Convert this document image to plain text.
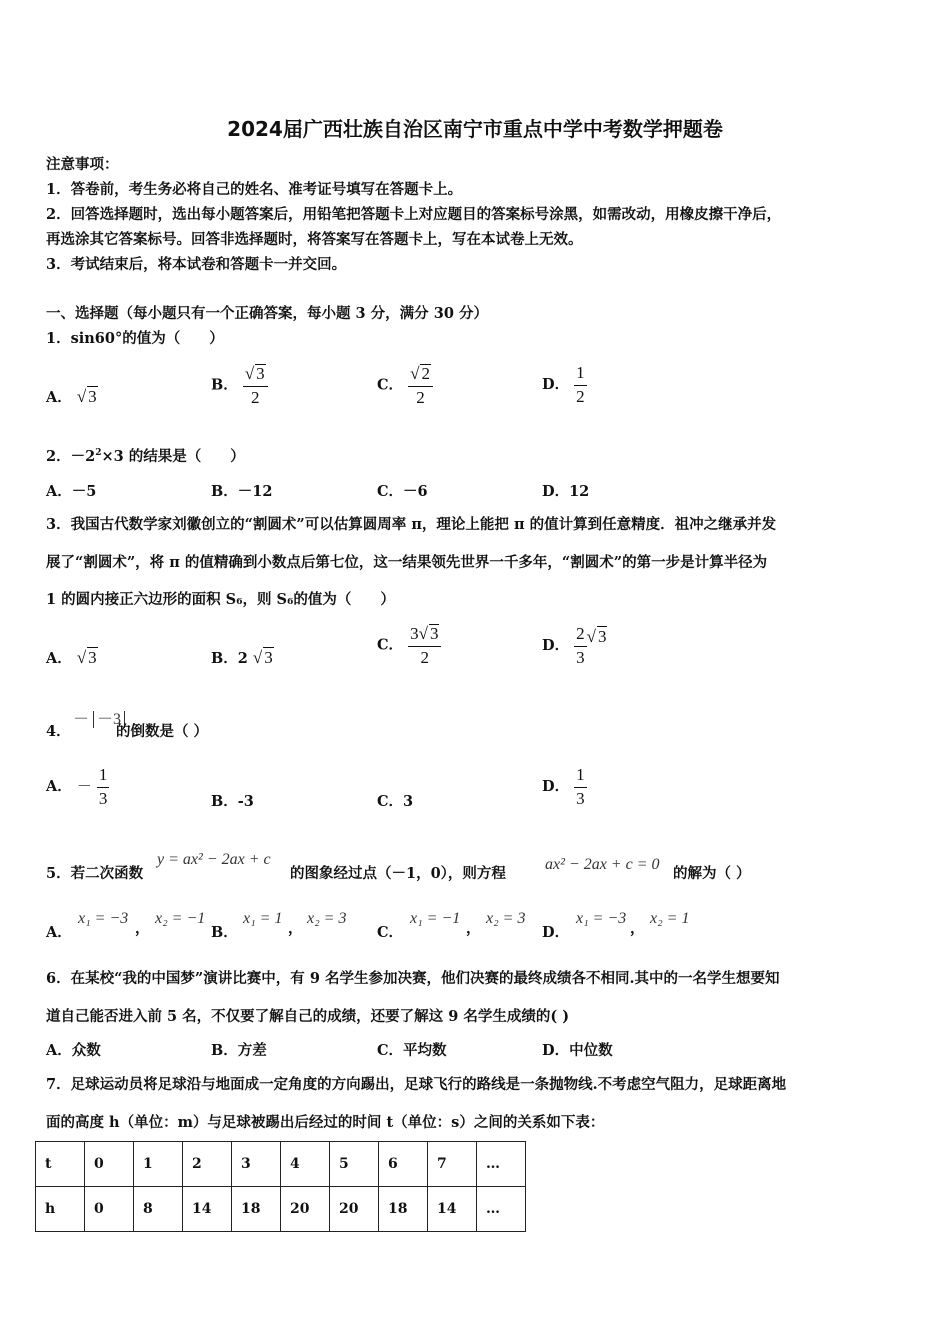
2024届广西壮族自治区南宁市重点中学中考数学押题卷
注意事项：
1．答卷前，考生务必将自己的姓名、准考证号填写在答题卡上。
2．回答选择题时，选出每小题答案后，用铅笔把答题卡上对应题目的答案标号涂黑，如需改动，用橡皮擦干净后，
再选涂其它答案标号。回答非选择题时，将答案写在答题卡上，写在本试卷上无效。
3．考试结束后，将本试卷和答题卡一并交回。
一、选择题（每小题只有一个正确答案，每小题 3 分，满分 30 分）
1．sin60°的值为（　　）
A． √ 3
B． $\frac{√ 3}{2}$	C． $\frac{√ 2}{2}$	D． $\frac{1}{2}$
2．$-2^2\times 3$ 的结果是（　　）
A．－5	B．－12	C．－6	D．12
3．我国古代数学家刘徽创立的“割圆术”可以估算圆周率 π，理论上能把 π 的值计算到任意精度．祖冲之继承并发
展了“割圆术”，将 π 的值精确到小数点后第七位，这一结果领先世界一千多年，“割圆术”的第一步是计算半径为
1 的圆内接正六边形的面积 S₆，则 S₆的值为（　　）
A． √ 3	B．2 √ 3
C． $\frac{3√ 3}{2}$	D． $\frac{2}{3}$ √ 3
4．
－ －3
的倒数是（ ）
A． － $\frac{1}{3}$	B．-3	C．3
D． $\frac{1}{3}$
5．若二次函数
y = ax² − 2ax + c
的图象经过点（－1，0），则方程
ax² − 2ax + c = 0
的解为（ ）
A．
x₁ = −3
，
x₂ = −1
B．
x₁ = 1
，
x₂ = 3
C．
x₁ = −1
，
x₂ = 3
D．
x₁ = −3
，
x₂ = 1
6．在某校“我的中国梦”演讲比赛中，有 9 名学生参加决赛，他们决赛的最终成绩各不相同.其中的一名学生想要知
道自己能否进入前 5 名，不仅要了解自己的成绩，还要了解这 9 名学生成绩的( )
A．众数	B．方差	C．平均数	D．中位数
7．足球运动员将足球沿与地面成一定角度的方向踢出，足球飞行的路线是一条抛物线.不考虑空气阻力，足球距离地
面的高度 h（单位：m）与足球被踢出后经过的时间 t（单位：s）之间的关系如下表：
t	0	1	2	3	4	5	6	7	…
h	0	8	14	18	20	20	18	14	…
